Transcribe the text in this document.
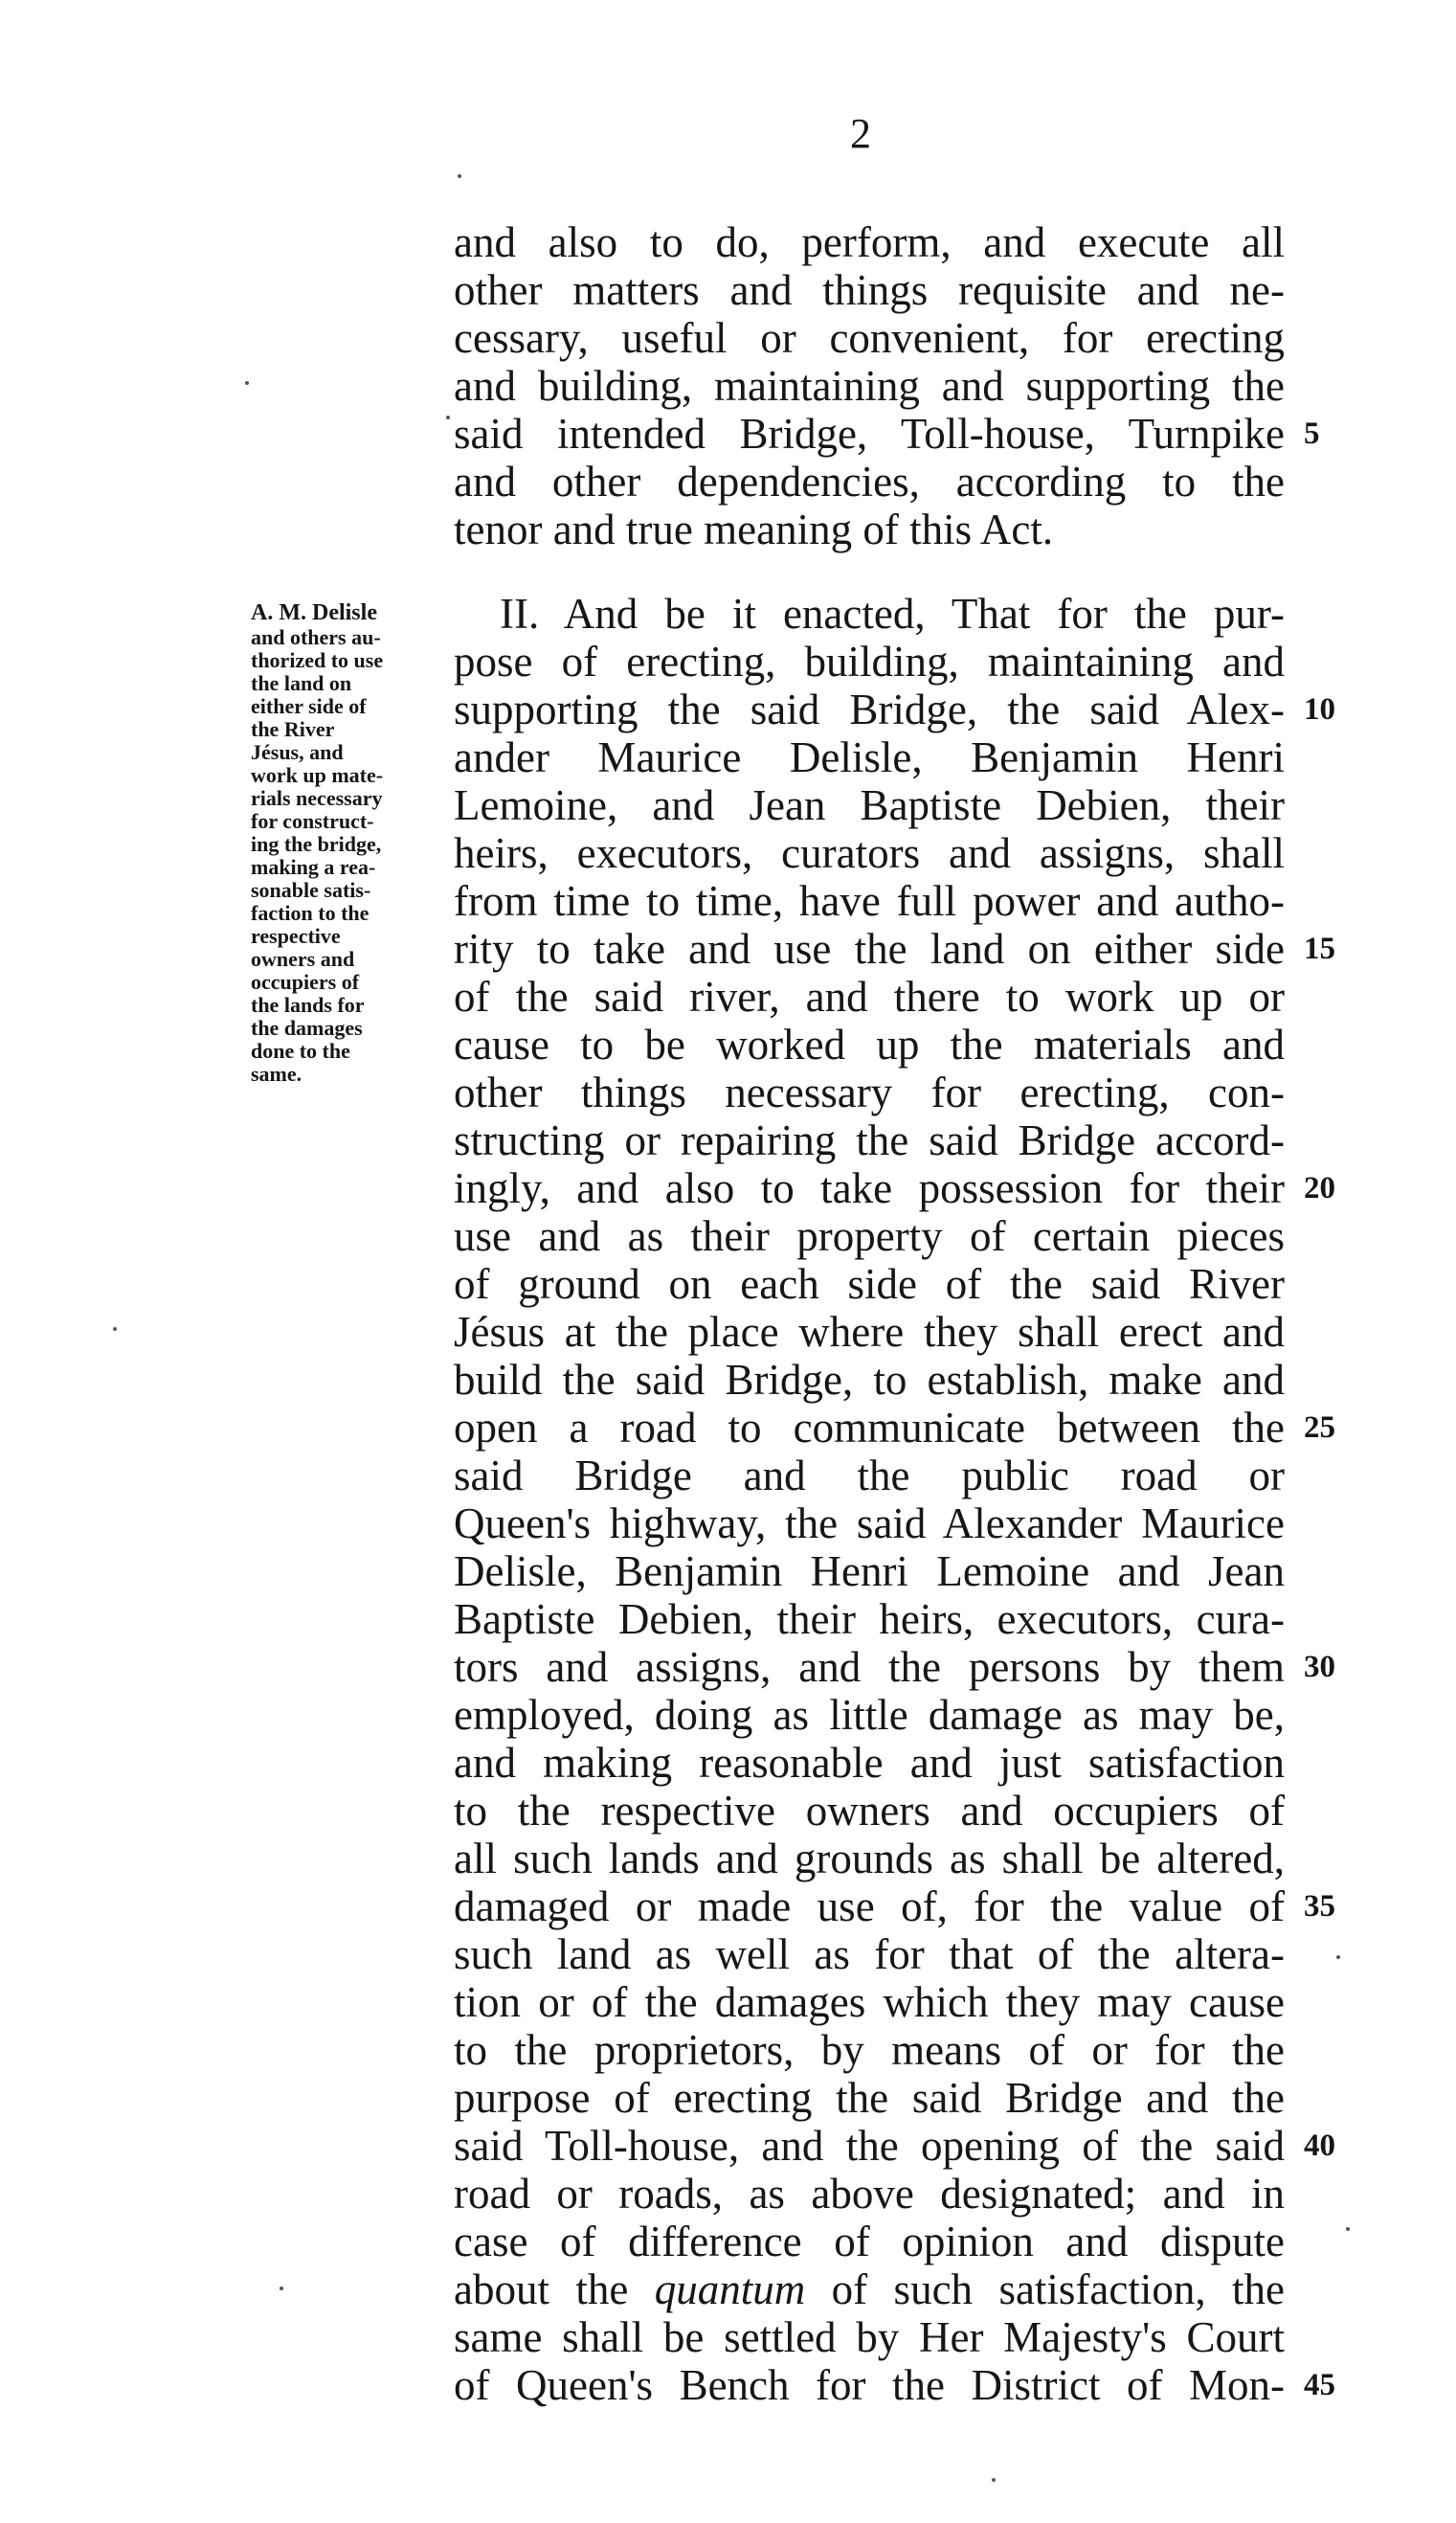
2
and also to do, perform, and execute all
other matters and things requisite and ne-
cessary, useful or convenient, for erecting
and building, maintaining and supporting the
said intended Bridge, Toll-house, Turnpike
and other dependencies, according to the
tenor and true meaning of this Act.
II. And be it enacted, That for the pur-
pose of erecting, building, maintaining and
supporting the said Bridge, the said Alex-
ander Maurice Delisle, Benjamin Henri
Lemoine, and Jean Baptiste Debien, their
heirs, executors, curators and assigns, shall
from time to time, have full power and autho-
rity to take and use the land on either side
of the said river, and there to work up or
cause to be worked up the materials and
other things necessary for erecting, con-
structing or repairing the said Bridge accord-
ingly, and also to take possession for their
use and as their property of certain pieces
of ground on each side of the said River
Jésus at the place where they shall erect and
build the said Bridge, to establish, make and
open a road to communicate between the
said Bridge and the public road or
Queen's highway, the said Alexander Maurice
Delisle, Benjamin Henri Lemoine and Jean
Baptiste Debien, their heirs, executors, cura-
tors and assigns, and the persons by them
employed, doing as little damage as may be,
and making reasonable and just satisfaction
to the respective owners and occupiers of
all such lands and grounds as shall be altered,
damaged or made use of, for the value of
such land as well as for that of the altera-
tion or of the damages which they may cause
to the proprietors, by means of or for the
purpose of erecting the said Bridge and the
said Toll-house, and the opening of the said
road or roads, as above designated; and in
case of difference of opinion and dispute
about the quantum of such satisfaction, the
same shall be settled by Her Majesty's Court
of Queen's Bench for the District of Mon-
5
10
15
20
25
30
35
40
45
A. M. Delisle
and others au-
thorized to use
the land on
either side of
the River
Jésus, and
work up mate-
rials necessary
for construct-
ing the bridge,
making a rea-
sonable satis-
faction to the
respective
owners and
occupiers of
the lands for
the damages
done to the
same.
